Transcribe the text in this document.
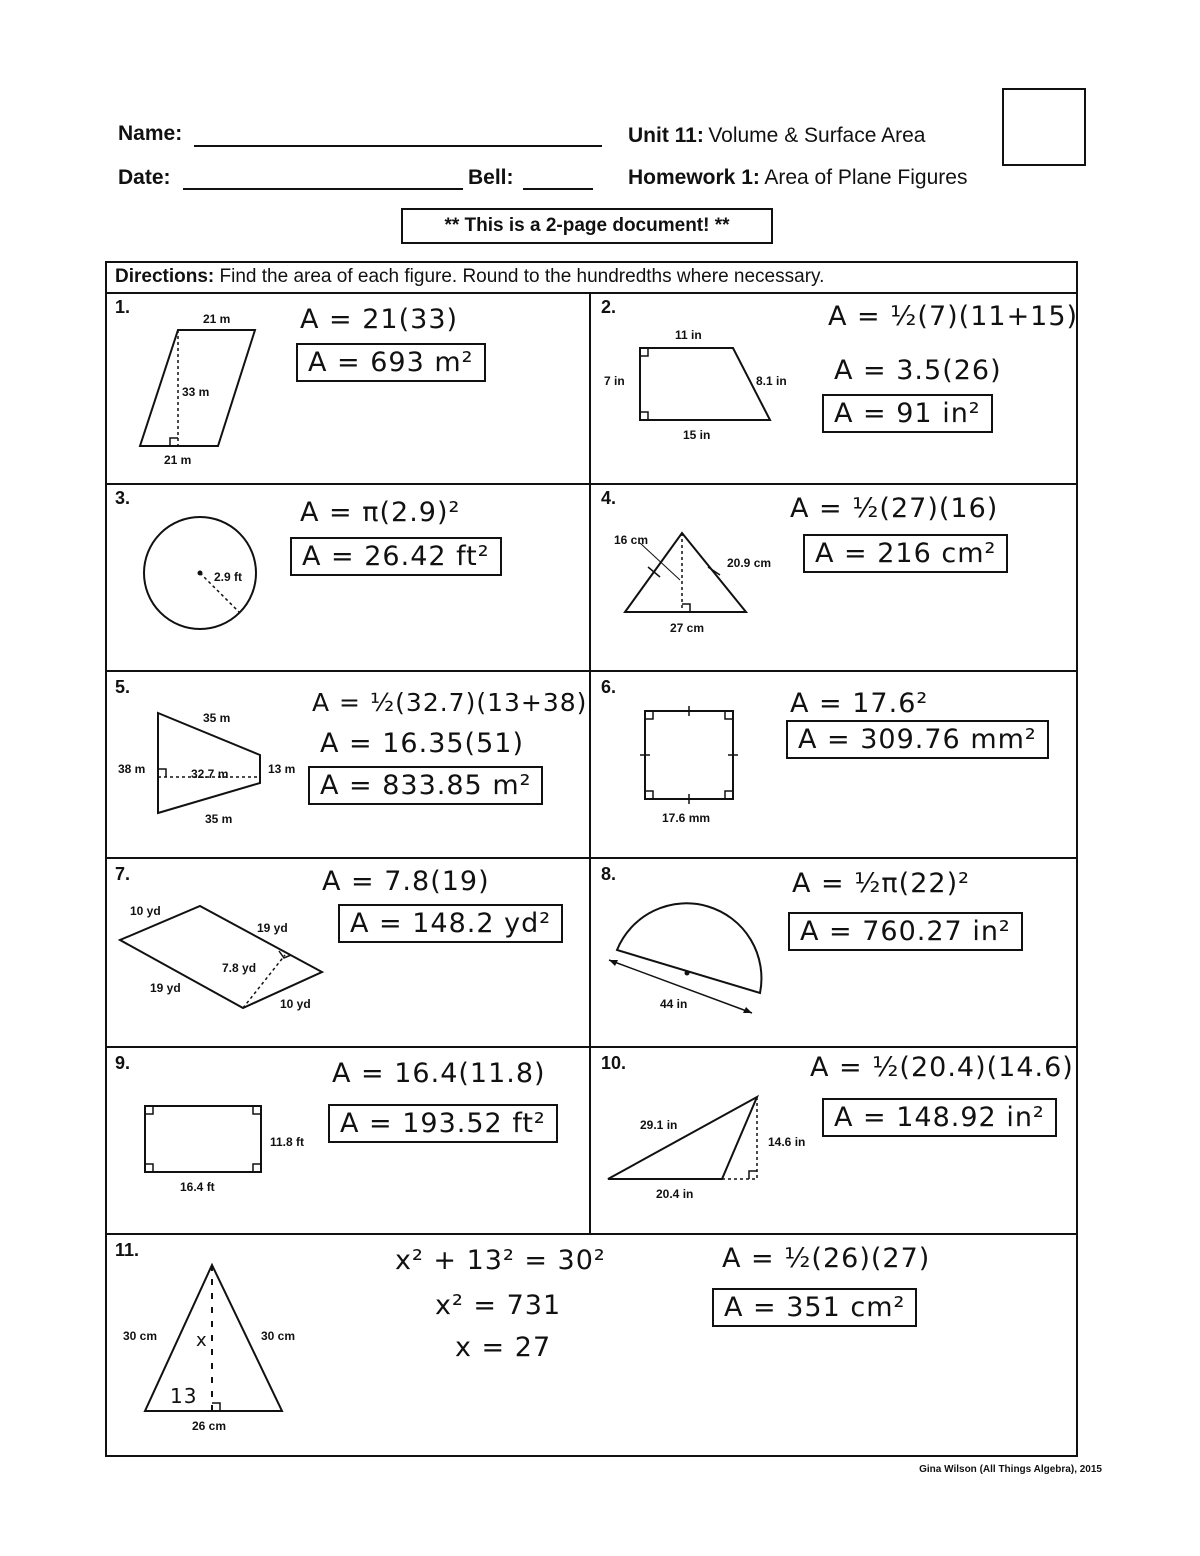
Name:
Date:	Bell:
Unit 11: Volume & Surface Area
Homework 1: Area of Plane Figures
** This is a 2-page document! **
Directions: Find the area of each figure. Round to the hundredths where necessary.
1.
21 m
33 m
21 m
A = 21(33)
A = 693 m²
2.
11 in
7 in	8.1 in
15 in
A = ½(7)(11+15)
A = 3.5(26)
A = 91 in²
3.
2.9 ft
A = π(2.9)²
A = 26.42 ft²
4.
16 cm
20.9 cm
27 cm
A = ½(27)(16)
A = 216 cm²
5.
35 m
38 m	32.7 m	13 m
35 m
A = ½(32.7)(13+38)
A = 16.35(51)
A = 833.85 m²
6.
17.6 mm
A = 17.6²
A = 309.76 mm²
7.
10 yd
19 yd
7.8 yd
19 yd
10 yd
A = 7.8(19)
A = 148.2 yd²
8.
44 in
A = ½π(22)²
A = 760.27 in²
9.
11.8 ft
16.4 ft
A = 16.4(11.8)
A = 193.52 ft²
10.
29.1 in
14.6 in
20.4 in
A = ½(20.4)(14.6)
A = 148.92 in²
11.
30 cm	30 cm
x
13
26 cm
x² + 13² = 30²
x² = 731
x = 27
A = ½(26)(27)
A = 351 cm²
Gina Wilson (All Things Algebra), 2015
